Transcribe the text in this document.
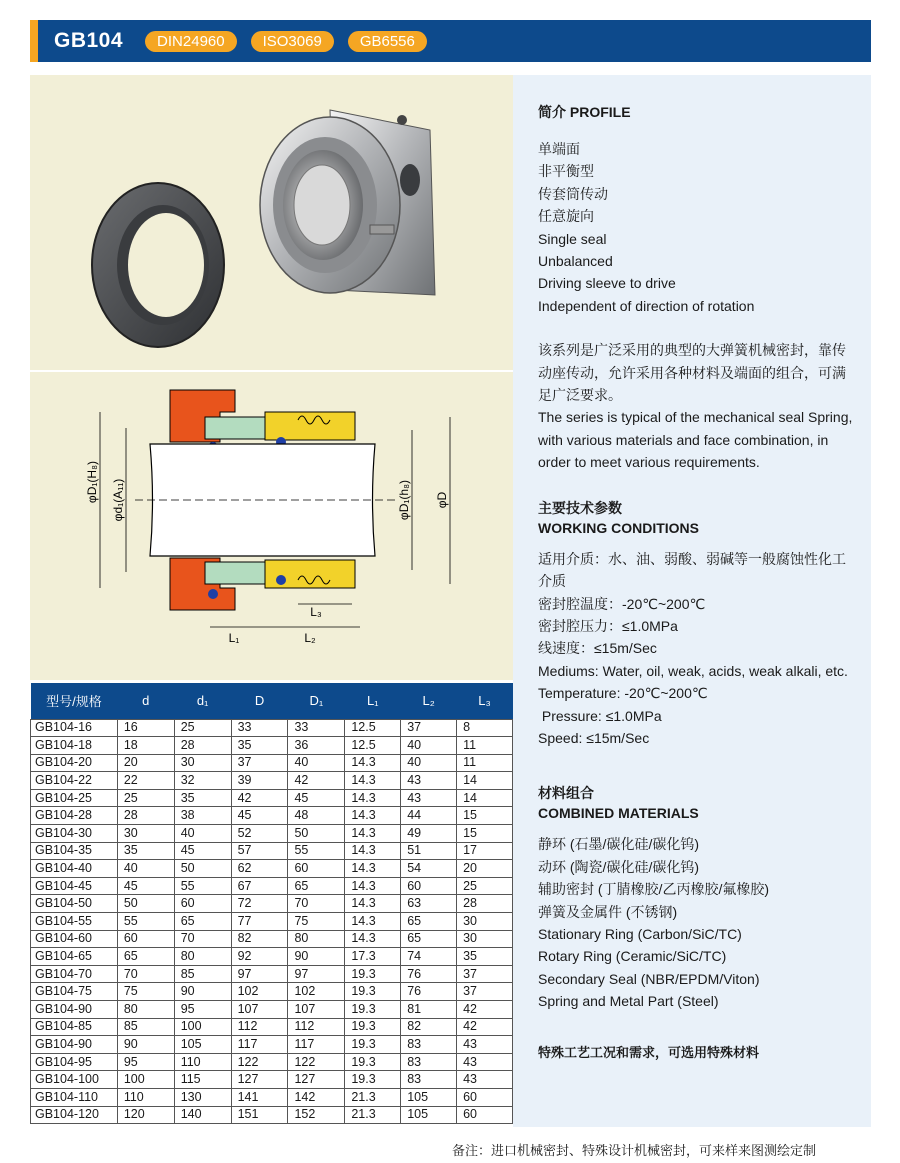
GB104	DIN24960	ISO3069	GB6556
φD₁(H₈) φd₁(A₁₁)	φD₁(h₈) φD
L₁	L₂
L₃
简介 PROFILE
单端面
非平衡型
传套筒传动
任意旋向
Single seal
Unbalanced
Driving sleeve to drive
Independent of direction of rotation
该系列是广泛采用的典型的大弹簧机械密封，靠传动座传动，允许采用各种材料及端面的组合，可满足广泛要求。
The series is typical of the mechanical seal Spring, with various materials and face combination, in order to meet various requirements.
主要技术参数
WORKING CONDITIONS
适用介质：水、油、弱酸、弱碱等一般腐蚀性化工介质
密封腔温度：-20℃~200℃
密封腔压力：≤1.0MPa
线速度：≤15m/Sec
Mediums: Water, oil, weak, acids, weak alkali, etc.
Temperature: -20℃~200℃
Pressure: ≤1.0MPa
Speed: ≤15m/Sec
材料组合
COMBINED MATERIALS
静环 (石墨/碳化硅/碳化钨)
动环 (陶瓷/碳化硅/碳化钨)
辅助密封 (丁腈橡胶/乙丙橡胶/氟橡胶)
弹簧及金属件 (不锈钢)
Stationary Ring (Carbon/SiC/TC)
Rotary Ring (Ceramic/SiC/TC)
Secondary Seal (NBR/EPDM/Viton)
Spring and Metal Part (Steel)
特殊工艺工况和需求，可选用特殊材料
型号/规格	d	d₁	D	D₁	L₁	L₂	L₃
GB104-16	16	25	33	33	12.5	37	8
GB104-18	18	28	35	36	12.5	40	11
GB104-20	20	30	37	40	14.3	40	11
GB104-22	22	32	39	42	14.3	43	14
GB104-25	25	35	42	45	14.3	43	14
GB104-28	28	38	45	48	14.3	44	15
GB104-30	30	40	52	50	14.3	49	15
GB104-35	35	45	57	55	14.3	51	17
GB104-40	40	50	62	60	14.3	54	20
GB104-45	45	55	67	65	14.3	60	25
GB104-50	50	60	72	70	14.3	63	28
GB104-55	55	65	77	75	14.3	65	30
GB104-60	60	70	82	80	14.3	65	30
GB104-65	65	80	92	90	17.3	74	35
GB104-70	70	85	97	97	19.3	76	37
GB104-75	75	90	102	102	19.3	76	37
GB104-90	80	95	107	107	19.3	81	42
GB104-85	85	100	112	112	19.3	82	42
GB104-90	90	105	117	117	19.3	83	43
GB104-95	95	110	122	122	19.3	83	43
GB104-100	100	115	127	127	19.3	83	43
GB104-110	110	130	141	142	21.3	105	60
GB104-120	120	140	151	152	21.3	105	60
备注：进口机械密封、特殊设计机械密封，可来样来图测绘定制
